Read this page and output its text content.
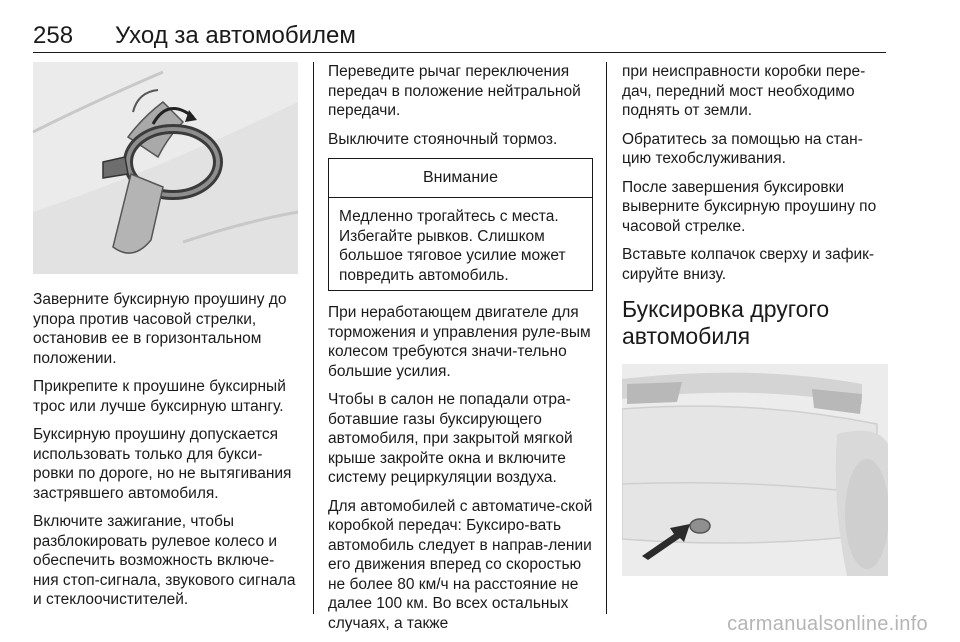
258 Уход за автомобилем

Заверните буксирную проушину до упора против часовой стрелки, остановив ее в горизонтальном положении.

Прикрепите к проушине буксирный трос или лучше буксирную штангу.

Буксирную проушину допускается использовать только для букси-ровки по дороге, но не вытягивания застрявшего автомобиля.

Включите зажигание, чтобы разблокировать рулевое колесо и обеспечить возможность включе-ния стоп-сигнала, звукового сигнала и стеклоочистителей.

Переведите рычаг переключения передач в положение нейтральной передачи.

Выключите стояночный тормоз.

Внимание
Медленно трогайтесь с места. Избегайте рывков. Слишком большое тяговое усилие может повредить автомобиль.

При неработающем двигателе для торможения и управления руле-вым колесом требуются значи-тельно большие усилия.

Чтобы в салон не попадали отра-ботавшие газы буксирующего автомобиля, при закрытой мягкой крыше закройте окна и включите систему рециркуляции воздуха.

Для автомобилей с автоматиче-ской коробкой передач: Буксиро-вать автомобиль следует в направ-лении его движения вперед со скоростью не более 80 км/ч на расстояние не далее 100 км. Во всех остальных случаях, а также

при неисправности коробки пере-дач, передний мост необходимо поднять от земли.

Обратитесь за помощью на стан-цию техобслуживания.

После завершения буксировки выверните буксирную проушину по часовой стрелке.

Вставьте колпачок сверху и зафик-сируйте внизу.

Буксировка другого автомобиля
carmanualsonline.info
